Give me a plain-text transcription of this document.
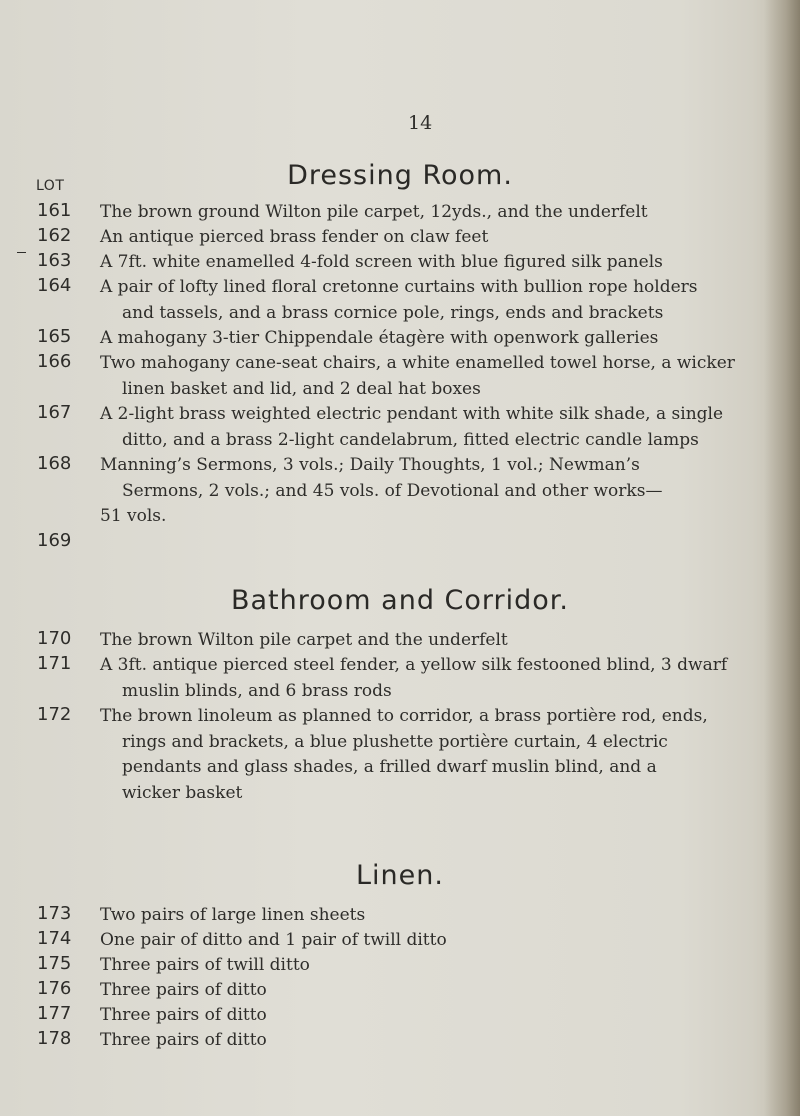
14
LOT	Dressing Room.
161 The brown ground Wilton pile carpet, 12yds., and the underfelt
162 An antique pierced brass fender on claw feet
163 A 7ft. white enamelled 4-fold screen with blue figured silk panels
164 A pair of lofty lined floral cretonne curtains with bullion rope holders
and tassels, and a brass cornice pole, rings, ends and brackets
165 A mahogany 3-tier Chippendale étagère with openwork galleries
166 Two mahogany cane-seat chairs, a white enamelled towel horse, a wicker
linen basket and lid, and 2 deal hat boxes
167 A 2-light brass weighted electric pendant with white silk shade, a single
ditto, and a brass 2-light candelabrum, fitted electric candle lamps
168 Manning’s Sermons, 3 vols.; Daily Thoughts, 1 vol.; Newman’s
Sermons, 2 vols.; and 45 vols. of Devotional and other works—
51 vols.
169
Bathroom and Corridor.
170 The brown Wilton pile carpet and the underfelt
171 A 3ft. antique pierced steel fender, a yellow silk festooned blind, 3 dwarf
muslin blinds, and 6 brass rods
172 The brown linoleum as planned to corridor, a brass portière rod, ends,
rings and brackets, a blue plushette portière curtain, 4 electric
pendants and glass shades, a frilled dwarf muslin blind, and a
wicker basket
Linen.
173 Two pairs of large linen sheets
174 One pair of ditto and 1 pair of twill ditto
175 Three pairs of twill ditto
176 Three pairs of ditto
177 Three pairs of ditto
178 Three pairs of ditto
